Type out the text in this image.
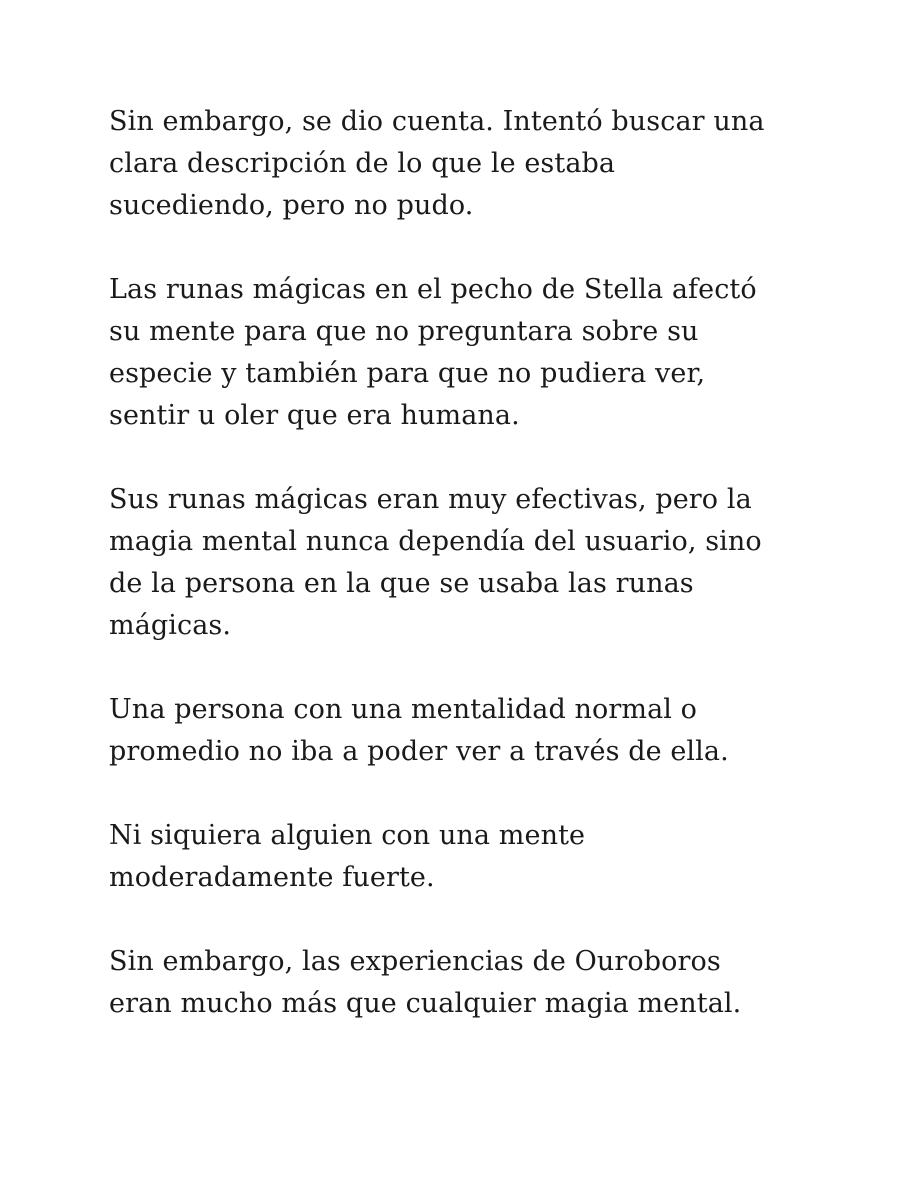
Sin embargo, se dio cuenta. Intentó buscar una
clara descripción de lo que le estaba
sucediendo, pero no pudo.

Las runas mágicas en el pecho de Stella afectó
su mente para que no preguntara sobre su
especie y también para que no pudiera ver,
sentir u oler que era humana.

Sus runas mágicas eran muy efectivas, pero la
magia mental nunca dependía del usuario, sino
de la persona en la que se usaba las runas
mágicas.

Una persona con una mentalidad normal o
promedio no iba a poder ver a través de ella.

Ni siquiera alguien con una mente
moderadamente fuerte.

Sin embargo, las experiencias de Ouroboros
eran mucho más que cualquier magia mental.
